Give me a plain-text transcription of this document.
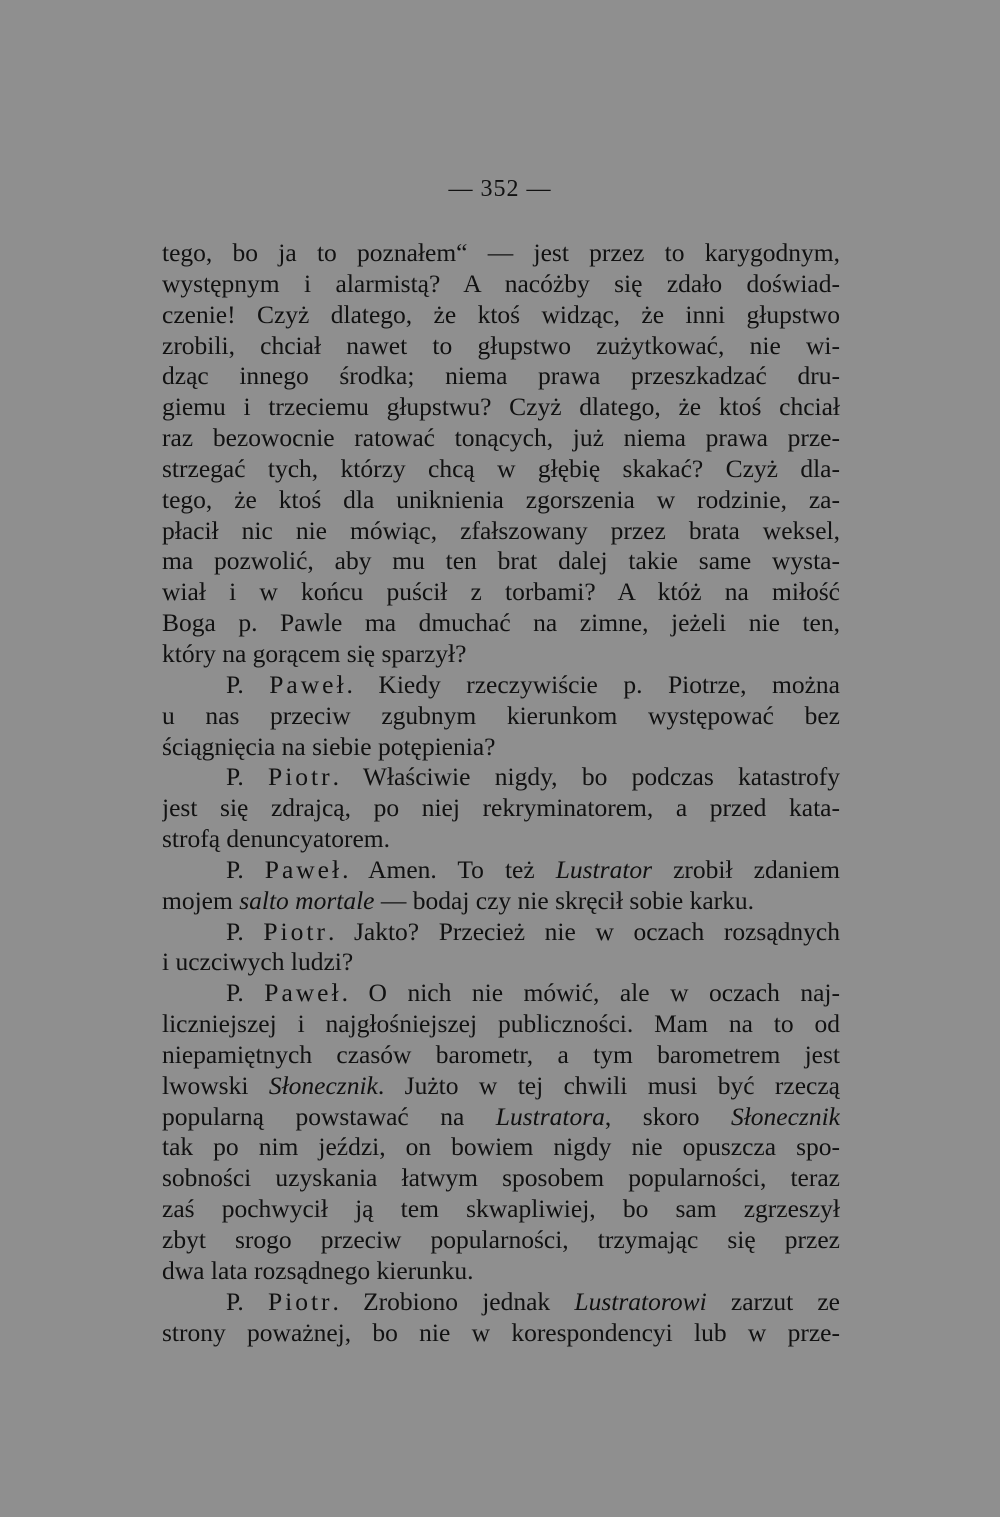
— 352 —
tego, bo ja to poznałem“ — jest przez to karygodnym,
występnym i alarmistą? A nacóżby się zdało doświad-
czenie! Czyż dlatego, że ktoś widząc, że inni głupstwo
zrobili, chciał nawet to głupstwo zużytkować, nie wi-
dząc innego środka; niema prawa przeszkadzać dru-
giemu i trzeciemu głupstwu? Czyż dlatego, że ktoś chciał
raz bezowocnie ratować tonących, już niema prawa prze-
strzegać tych, którzy chcą w głębię skakać? Czyż dla-
tego, że ktoś dla uniknienia zgorszenia w rodzinie, za-
płacił nic nie mówiąc, zfałszowany przez brata weksel,
ma pozwolić, aby mu ten brat dalej takie same wysta-
wiał i w końcu puścił z torbami? A któż na miłość
Boga p. Pawle ma dmuchać na zimne, jeżeli nie ten,
który na gorącem się sparzył?
P. Paweł. Kiedy rzeczywiście p. Piotrze, można
u nas przeciw zgubnym kierunkom występować bez
ściągnięcia na siebie potępienia?
P. Piotr. Właściwie nigdy, bo podczas katastrofy
jest się zdrajcą, po niej rekryminatorem, a przed kata-
strofą denuncyatorem.
P. Paweł. Amen. To też Lustrator zrobił zdaniem
mojem salto mortale — bodaj czy nie skręcił sobie karku.
P. Piotr. Jakto? Przecież nie w oczach rozsądnych
i uczciwych ludzi?
P. Paweł. O nich nie mówić, ale w oczach naj-
liczniejszej i najgłośniejszej publiczności. Mam na to od
niepamiętnych czasów barometr, a tym barometrem jest
lwowski Słonecznik. Jużto w tej chwili musi być rzeczą
popularną powstawać na Lustratora, skoro Słonecznik
tak po nim jeździ, on bowiem nigdy nie opuszcza spo-
sobności uzyskania łatwym sposobem popularności, teraz
zaś pochwycił ją tem skwapliwiej, bo sam zgrzeszył
zbyt srogo przeciw popularności, trzymając się przez
dwa lata rozsądnego kierunku.
P. Piotr. Zrobiono jednak Lustratorowi zarzut ze
strony poważnej, bo nie w korespondencyi lub w prze-
